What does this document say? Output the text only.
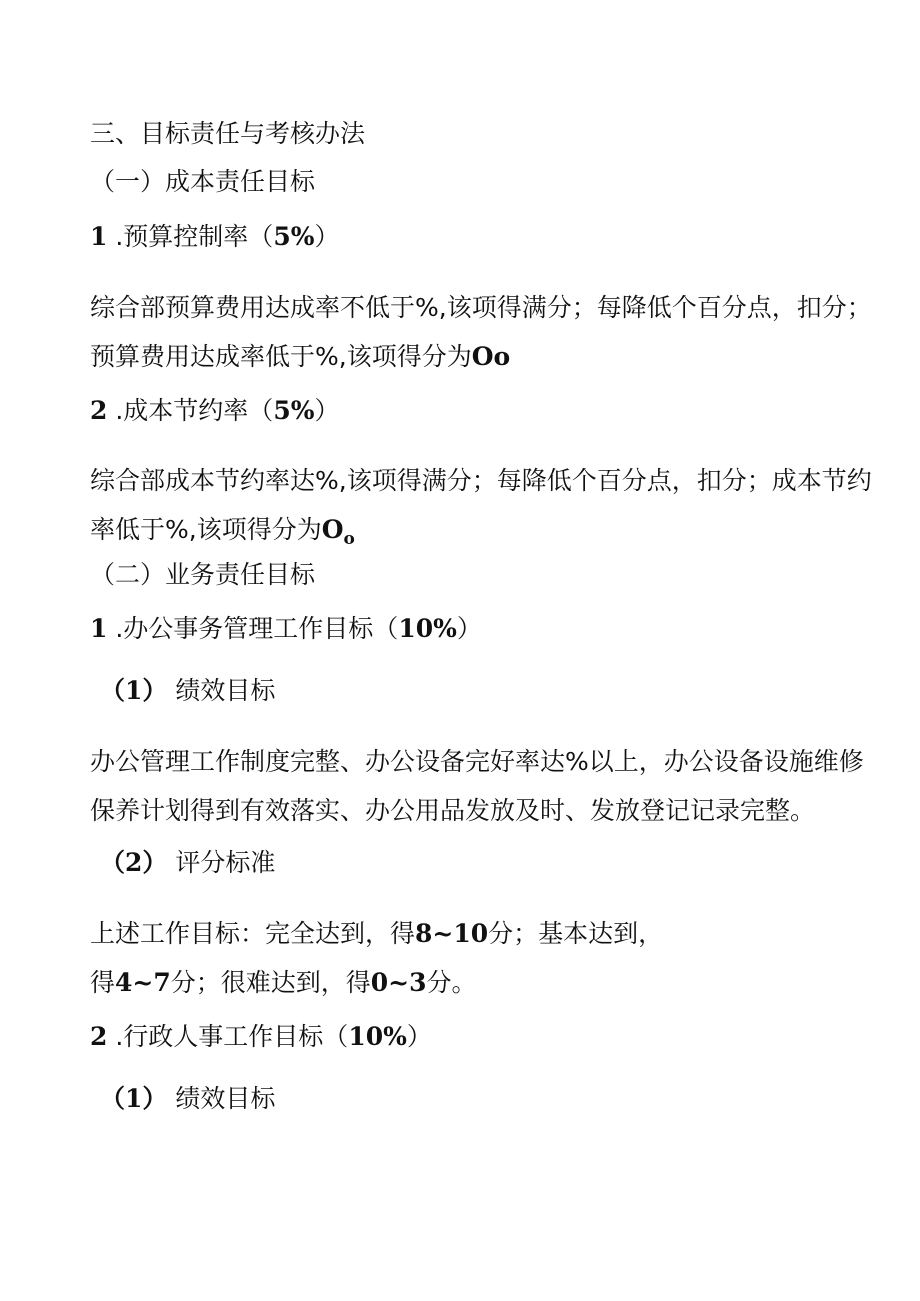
三、目标责任与考核办法

（一）成本责任目标

1 .预算控制率（5%）

综合部预算费用达成率不低于%,该项得满分；每降低个百分点，扣分；

预算费用达成率低于%,该项得分为Oo

2 .成本节约率（5%）

综合部成本节约率达%,该项得满分；每降低个百分点，扣分；成本节约

率低于%,该项得分为$O_o$

（二）业务责任目标

1 .办公事务管理工作目标（10%）

（1） 绩效目标

办公管理工作制度完整、办公设备完好率达%以上，办公设备设施维修

保养计划得到有效落实、办公用品发放及时、发放登记记录完整。

（2） 评分标准

上述工作目标：完全达到，得8~10分；基本达到，

得4~7分；很难达到，得0~3分。

2 .行政人事工作目标（10%）

（1） 绩效目标
